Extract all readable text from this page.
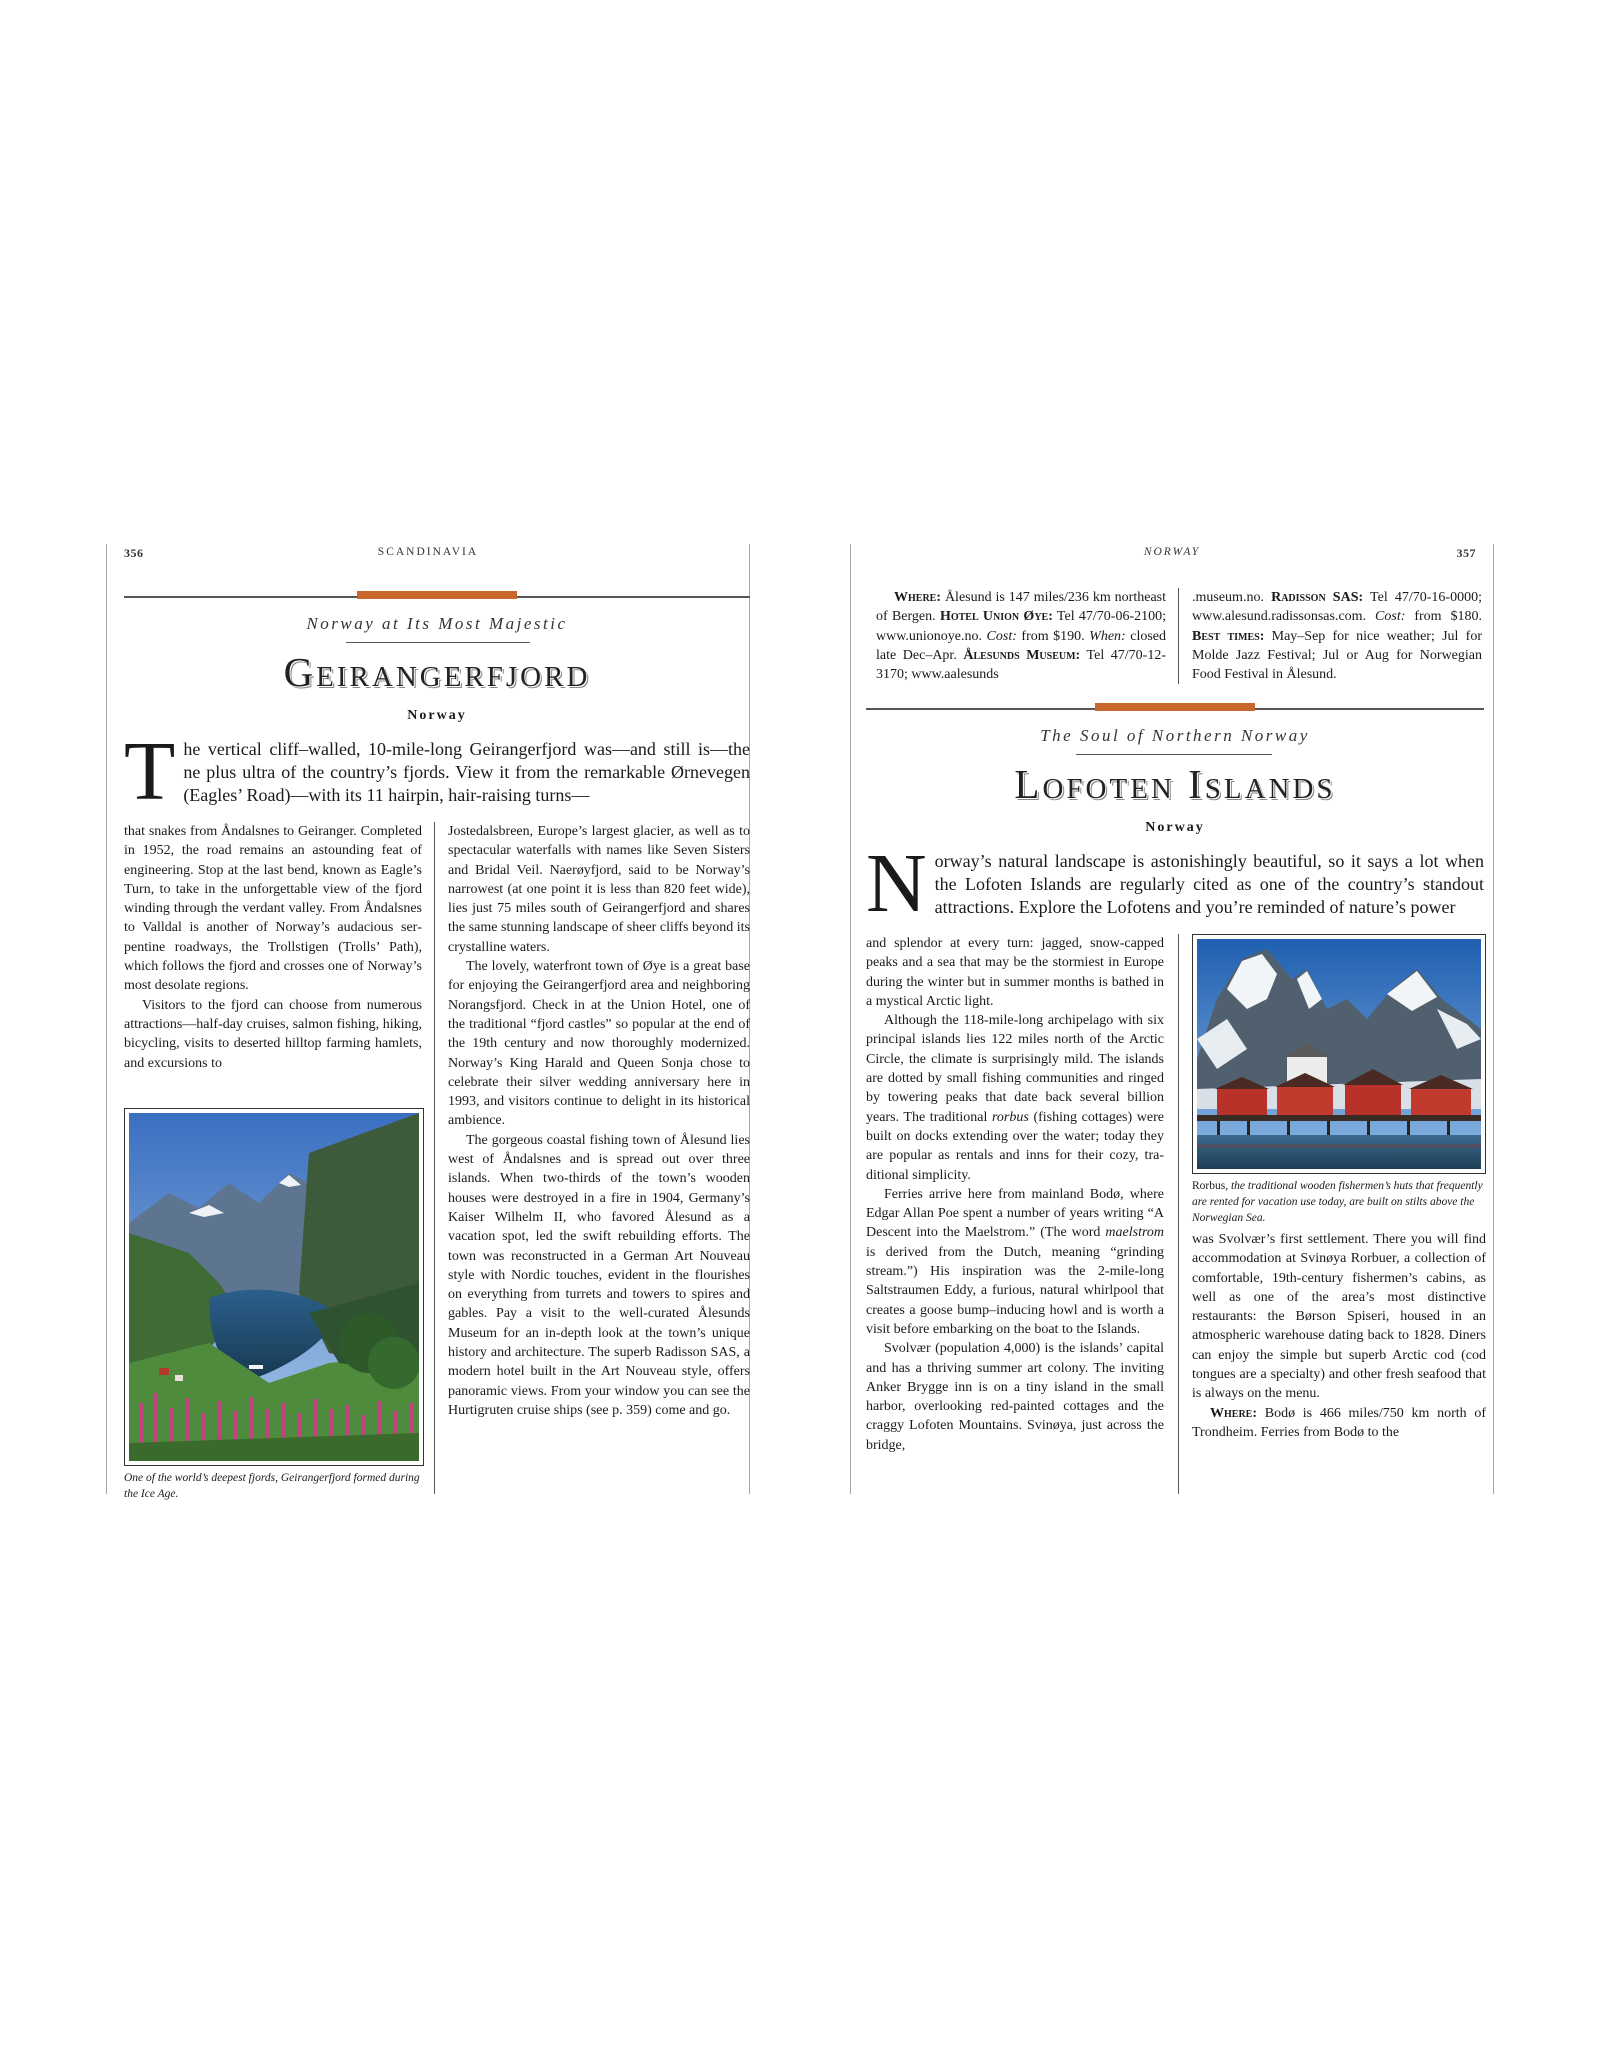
356	SCANDINAVIA
Norway at Its Most Majestic
Geirangerfjord
Norway
The vertical cliff–walled, 10-mile-long Geirangerfjord was—and still is—the ne plus ultra of the country’s fjords. View it from the remarkable Ørnevegen (Eagles’ Road)—with its 11 hairpin, hair-raising turns—

that snakes from Åndalsnes to Geiranger. Completed in 1952, the road remains an astounding feat of engineering. Stop at the last bend, known as Eagle’s Turn, to take in the unforgettable view of the fjord winding through the verdant valley. From Åndalsnes to Valldal is another of Norway’s audacious serpentine roadways, the Trollstigen (Trolls’ Path), which follows the fjord and crosses one of Norway’s most desolate regions.

Visitors to the fjord can choose from numerous attractions—half-day cruises, salmon fishing, hiking, bicycling, visits to deserted hilltop farming hamlets, and excursions to

One of the world’s deepest fjords, Geirangerfjord formed during the Ice Age.

Jostedalsbreen, Europe’s largest glacier, as well as to spectacular waterfalls with names like Seven Sisters and Bridal Veil. Naerøyfjord, said to be Norway’s narrowest (at one point it is less than 820 feet wide), lies just 75 miles south of Geirangerfjord and shares the same stunning landscape of sheer cliffs beyond its crystalline waters.

The lovely, waterfront town of Øye is a great base for enjoying the Geirangerfjord area and neighboring Norangsfjord. Check in at the Union Hotel, one of the traditional “fjord castles” so popular at the end of the 19th century and now thoroughly modernized. Norway’s King Harald and Queen Sonja chose to celebrate their silver wedding anniversary here in 1993, and visitors continue to delight in its historical ambience.

The gorgeous coastal fishing town of Ålesund lies west of Åndalsnes and is spread out over three islands. When two-thirds of the town’s wooden houses were destroyed in a fire in 1904, Germany’s Kaiser Wilhelm II, who favored Ålesund as a vacation spot, led the swift rebuilding efforts. The town was reconstructed in a German Art Nouveau style with Nordic touches, evident in the flourishes on everything from turrets and towers to spires and gables. Pay a visit to the well-curated Ålesunds Museum for an in-depth look at the town’s unique history and architecture. The superb Radisson SAS, a modern hotel built in the Art Nouveau style, offers panoramic views. From your window you can see the Hurtigruten cruise ships (see p. 359) come and go.

NORWAY	357

Where: Ålesund is 147 miles/236 km northeast of Bergen. Hotel Union Øye: Tel 47/70-06-2100; www.unionoye.no. Cost: from $190. When: closed late Dec–Apr. Ålesunds Museum: Tel 47/70-12-3170; www.aalesunds

.museum.no. Radisson SAS: Tel 47/70-16-0000; www.alesund.radissonsas.com. Cost: from $180. Best times: May–Sep for nice weather; Jul for Molde Jazz Festival; Jul or Aug for Norwegian Food Festival in Ålesund.

The Soul of Northern Norway
Lofoten Islands
Norway
Norway’s natural landscape is astonishingly beautiful, so it says a lot when the Lofoten Islands are regularly cited as one of the country’s standout attractions. Explore the Lofotens and you’re reminded of nature’s power

and splendor at every turn: jagged, snow-capped peaks and a sea that may be the stormiest in Europe during the winter but in summer months is bathed in a mystical Arctic light.

Although the 118-mile-long archipelago with six principal islands lies 122 miles north of the Arctic Circle, the climate is surprisingly mild. The islands are dotted by small fishing communities and ringed by towering peaks that date back several billion years. The traditional rorbus (fishing cottages) were built on docks extending over the water; today they are popular as rentals and inns for their cozy, traditional simplicity.

Ferries arrive here from mainland Bodø, where Edgar Allan Poe spent a number of years writing “A Descent into the Maelstrom.” (The word maelstrom is derived from the Dutch, meaning “grinding stream.”) His inspiration was the 2-mile-long Saltstraumen Eddy, a furious, natural whirlpool that creates a goose bump–inducing howl and is worth a visit before embarking on the boat to the Islands.

Svolvær (population 4,000) is the islands’ capital and has a thriving summer art colony. The inviting Anker Brygge inn is on a tiny island in the small harbor, overlooking red-painted cottages and the craggy Lofoten Mountains. Svinøya, just across the bridge,

Rorbus, the traditional wooden fishermen’s huts that frequently are rented for vacation use today, are built on stilts above the Norwegian Sea.

was Svolvær’s first settlement. There you will find accommodation at Svinøya Rorbuer, a collection of comfortable, 19th-century fishermen’s cabins, as well as one of the area’s most distinctive restaurants: the Børson Spiseri, housed in an atmospheric warehouse dating back to 1828. Diners can enjoy the simple but superb Arctic cod (cod tongues are a specialty) and other fresh seafood that is always on the menu.

Where: Bodø is 466 miles/750 km north of Trondheim. Ferries from Bodø to the
